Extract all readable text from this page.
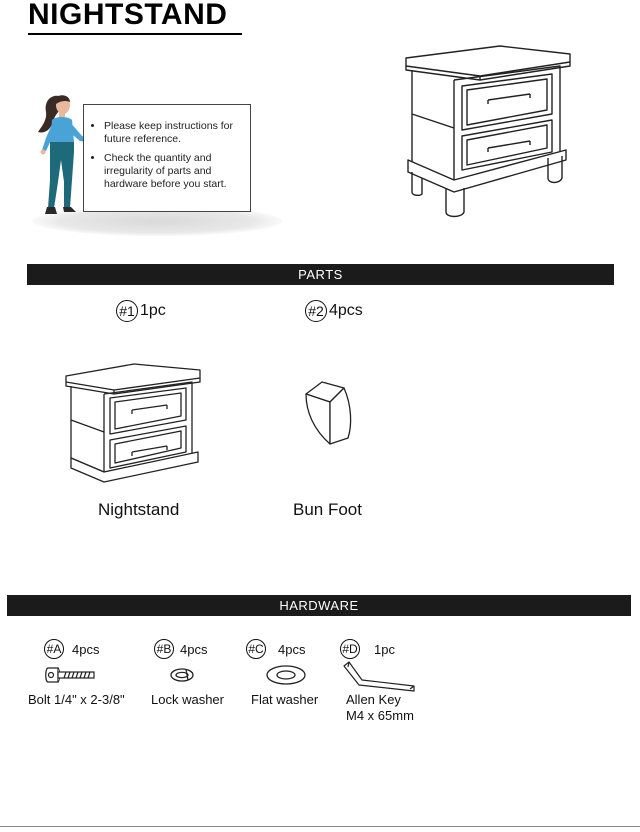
NIGHTSTAND
• Please keep instructions for future reference.
• Check the quantity and irregularity of parts and hardware before you start.
PARTS
#1 1pc
Nightstand
#2 4pcs
Bun Foot
HARDWARE
#A 4pcs
Bolt 1/4" x 2-3/8"
#B 4pcs
Lock washer
#C 4pcs
Flat washer
#D 1pc
Allen Key
M4 x 65mm
